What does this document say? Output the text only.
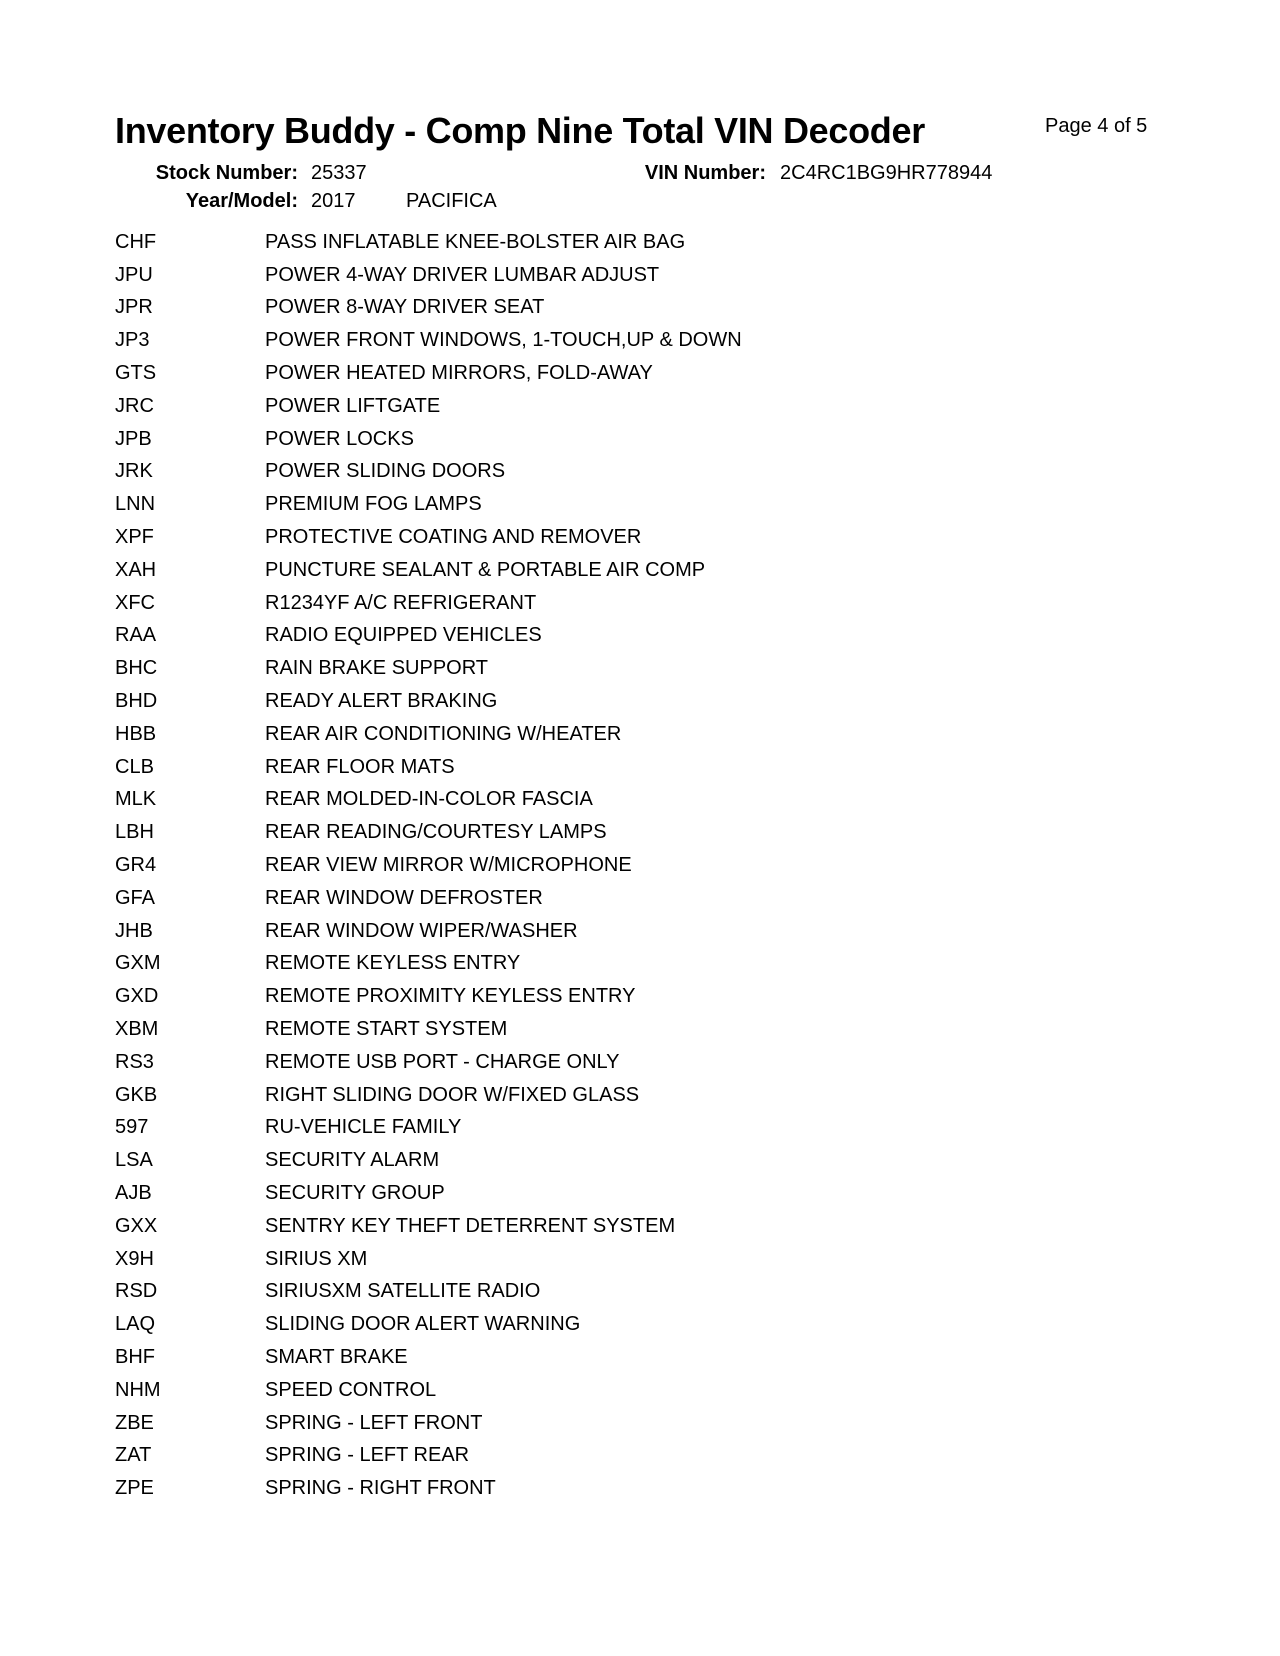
Inventory Buddy - Comp Nine Total VIN Decoder	Page 4 of 5
Stock Number: 25337	VIN Number: 2C4RC1BG9HR778944
Year/Model: 2017	PACIFICA
CHF	PASS INFLATABLE KNEE-BOLSTER AIR BAG
JPU	POWER 4-WAY DRIVER LUMBAR ADJUST
JPR	POWER 8-WAY DRIVER SEAT
JP3	POWER FRONT WINDOWS, 1-TOUCH,UP & DOWN
GTS	POWER HEATED MIRRORS, FOLD-AWAY
JRC	POWER LIFTGATE
JPB	POWER LOCKS
JRK	POWER SLIDING DOORS
LNN	PREMIUM FOG LAMPS
XPF	PROTECTIVE COATING AND REMOVER
XAH	PUNCTURE SEALANT & PORTABLE AIR COMP
XFC	R1234YF A/C REFRIGERANT
RAA	RADIO EQUIPPED VEHICLES
BHC	RAIN BRAKE SUPPORT
BHD	READY ALERT BRAKING
HBB	REAR AIR CONDITIONING W/HEATER
CLB	REAR FLOOR MATS
MLK	REAR MOLDED-IN-COLOR FASCIA
LBH	REAR READING/COURTESY LAMPS
GR4	REAR VIEW MIRROR W/MICROPHONE
GFA	REAR WINDOW DEFROSTER
JHB	REAR WINDOW WIPER/WASHER
GXM	REMOTE KEYLESS ENTRY
GXD	REMOTE PROXIMITY KEYLESS ENTRY
XBM	REMOTE START SYSTEM
RS3	REMOTE USB PORT - CHARGE ONLY
GKB	RIGHT SLIDING DOOR W/FIXED GLASS
597	RU-VEHICLE FAMILY
LSA	SECURITY ALARM
AJB	SECURITY GROUP
GXX	SENTRY KEY THEFT DETERRENT SYSTEM
X9H	SIRIUS XM
RSD	SIRIUSXM SATELLITE RADIO
LAQ	SLIDING DOOR ALERT WARNING
BHF	SMART BRAKE
NHM	SPEED CONTROL
ZBE	SPRING - LEFT FRONT
ZAT	SPRING - LEFT REAR
ZPE	SPRING - RIGHT FRONT
